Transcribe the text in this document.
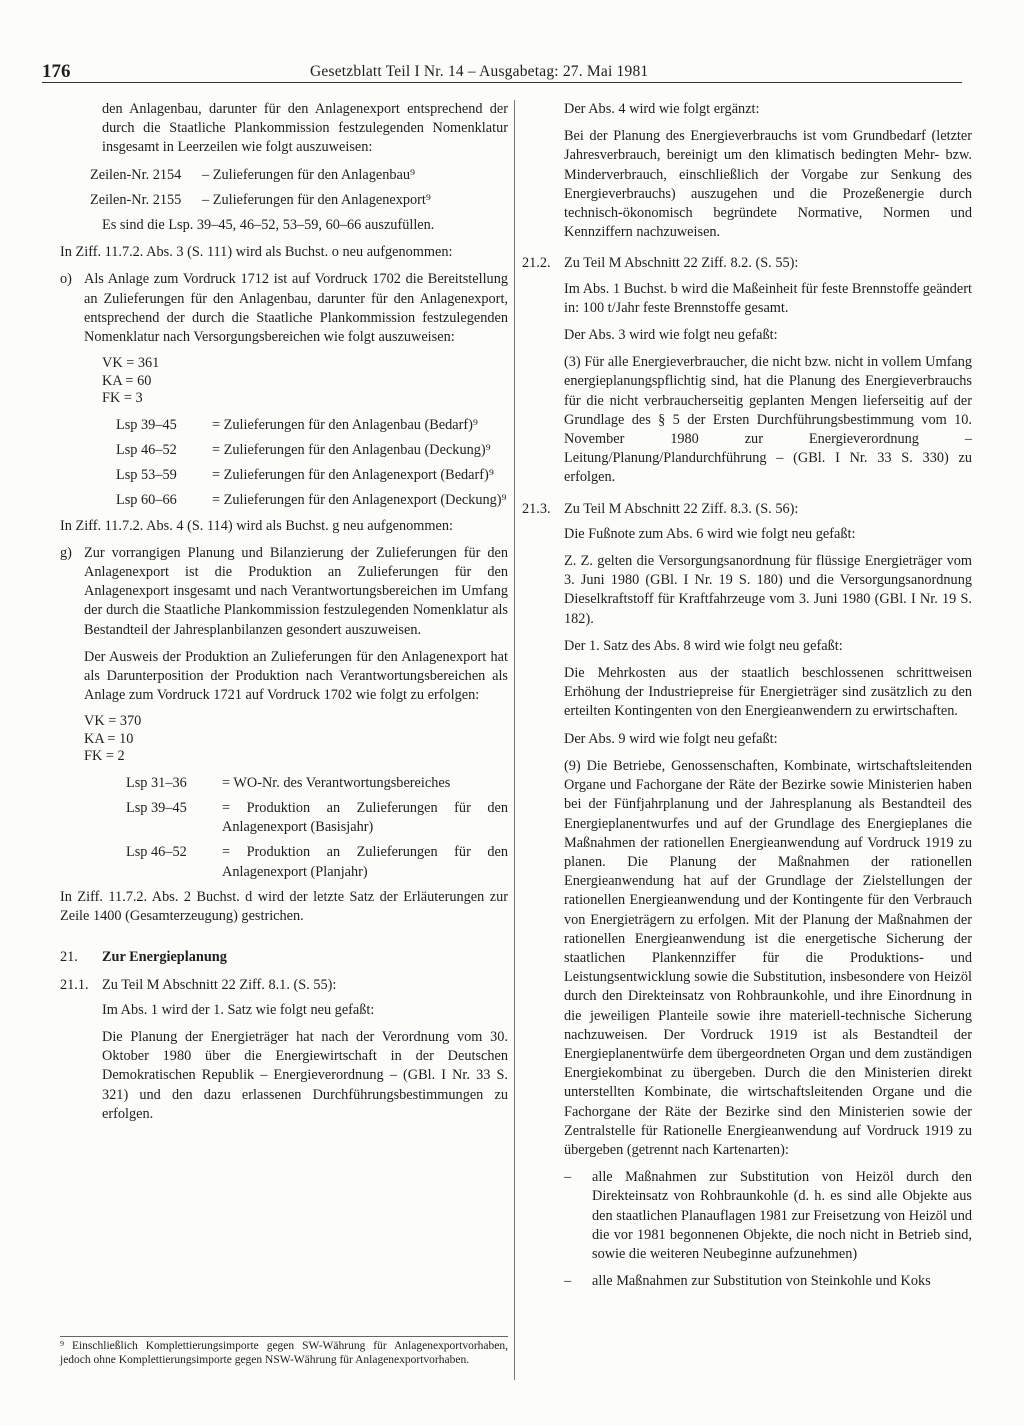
176	Gesetzblatt Teil I Nr. 14 – Ausgabetag: 27. Mai 1981

den Anlagenbau, darunter für den Anlagenexport entsprechend der durch die Staatliche Plankommission festzulegenden Nomenklatur insgesamt in Leerzeilen wie folgt auszuweisen:

Zeilen-Nr. 2154	– Zulieferungen für den Anlagenbau⁹
Zeilen-Nr. 2155	– Zulieferungen für den Anlagenexport⁹

Es sind die Lsp. 39–45, 46–52, 53–59, 60–66 auszufüllen.

In Ziff. 11.7.2. Abs. 3 (S. 111) wird als Buchst. o neu aufgenommen:

o) Als Anlage zum Vordruck 1712 ist auf Vordruck 1702 die Bereitstellung an Zulieferungen für den Anlagenbau, darunter für den Anlagenexport, entsprechend der durch die Staatliche Plankommission festzulegenden Nomenklatur nach Versorgungsbereichen wie folgt auszuweisen:
VK = 361
KA = 60
FK = 3
Lsp 39–45	= Zulieferungen für den Anlagenbau (Bedarf)⁹
Lsp 46–52	= Zulieferungen für den Anlagenbau (Deckung)⁹
Lsp 53–59	= Zulieferungen für den Anlagenexport (Bedarf)⁹
Lsp 60–66	= Zulieferungen für den Anlagenexport (Deckung)⁹

In Ziff. 11.7.2. Abs. 4 (S. 114) wird als Buchst. g neu aufgenommen:

g) Zur vorrangigen Planung und Bilanzierung der Zulieferungen für den Anlagenexport ist die Produktion an Zulieferungen für den Anlagenexport insgesamt und nach Verantwortungsbereichen im Umfang der durch die Staatliche Plankommission festzulegenden Nomenklatur als Bestandteil der Jahresplanbilanzen gesondert auszuweisen.

Der Ausweis der Produktion an Zulieferungen für den Anlagenexport hat als Darunterposition der Produktion nach Verantwortungsbereichen als Anlage zum Vordruck 1721 auf Vordruck 1702 wie folgt zu erfolgen:

VK = 370
KA = 10
FK = 2
Lsp 31–36	= WO-Nr. des Verantwortungsbereiches
Lsp 39–45	= Produktion an Zulieferungen für den Anlagenexport (Basisjahr)
Lsp 46–52	= Produktion an Zulieferungen für den Anlagenexport (Planjahr)

In Ziff. 11.7.2. Abs. 2 Buchst. d wird der letzte Satz der Erläuterungen zur Zeile 1400 (Gesamterzeugung) gestrichen.

21.	Zur Energieplanung
21.1. Zu Teil M Abschnitt 22 Ziff. 8.1. (S. 55):

Im Abs. 1 wird der 1. Satz wie folgt neu gefaßt:

Die Planung der Energieträger hat nach der Verordnung vom 30. Oktober 1980 über die Energiewirtschaft in der Deutschen Demokratischen Republik – Energieverordnung – (GBl. I Nr. 33 S. 321) und den dazu erlassenen Durchführungsbestimmungen zu erfolgen.

⁹ Einschließlich Komplettierungsimporte gegen SW-Währung für Anlagenexportvorhaben, jedoch ohne Komplettierungsimporte gegen NSW-Währung für Anlagenexportvorhaben.

Der Abs. 4 wird wie folgt ergänzt:

Bei der Planung des Energieverbrauchs ist vom Grundbedarf (letzter Jahresverbrauch, bereinigt um den klimatisch bedingten Mehr- bzw. Minderverbrauch, einschließlich der Vorgabe zur Senkung des Energieverbrauchs) auszugehen und die Prozeßenergie durch technisch-ökonomisch begründete Normative, Normen und Kennziffern nachzuweisen.

21.2. Zu Teil M Abschnitt 22 Ziff. 8.2. (S. 55):

Im Abs. 1 Buchst. b wird die Maßeinheit für feste Brennstoffe geändert in: 100 t/Jahr feste Brennstoffe gesamt.

Der Abs. 3 wird wie folgt neu gefaßt:

(3) Für alle Energieverbraucher, die nicht bzw. nicht in vollem Umfang energieplanungspflichtig sind, hat die Planung des Energieverbrauchs für die nicht verbraucherseitig geplanten Mengen lieferseitig auf der Grundlage des § 5 der Ersten Durchführungsbestimmung vom 10. November 1980 zur Energieverordnung – Leitung/Planung/Plandurchführung – (GBl. I Nr. 33 S. 330) zu erfolgen.

21.3. Zu Teil M Abschnitt 22 Ziff. 8.3. (S. 56):

Die Fußnote zum Abs. 6 wird wie folgt neu gefaßt:

Z. Z. gelten die Versorgungsanordnung für flüssige Energieträger vom 3. Juni 1980 (GBl. I Nr. 19 S. 180) und die Versorgungsanordnung Dieselkraftstoff für Kraftfahrzeuge vom 3. Juni 1980 (GBl. I Nr. 19 S. 182).

Der 1. Satz des Abs. 8 wird wie folgt neu gefaßt:

Die Mehrkosten aus der staatlich beschlossenen schrittweisen Erhöhung der Industriepreise für Energieträger sind zusätzlich zu den erteilten Kontingenten von den Energieanwendern zu erwirtschaften.

Der Abs. 9 wird wie folgt neu gefaßt:

(9) Die Betriebe, Genossenschaften, Kombinate, wirtschaftsleitenden Organe und Fachorgane der Räte der Bezirke sowie Ministerien haben bei der Fünfjahrplanung und der Jahresplanung als Bestandteil des Energieplanentwurfes und auf der Grundlage des Energieplanes die Maßnahmen der rationellen Energieanwendung auf Vordruck 1919 zu planen. Die Planung der Maßnahmen der rationellen Energieanwendung hat auf der Grundlage der Zielstellungen der rationellen Energieanwendung und der Kontingente für den Verbrauch von Energieträgern zu erfolgen. Mit der Planung der Maßnahmen der rationellen Energieanwendung ist die energetische Sicherung der staatlichen Plankennziffer für die Produktions- und Leistungsentwicklung sowie die Substitution, insbesondere von Heizöl durch den Direkteinsatz von Rohbraunkohle, und ihre Einordnung in die jeweiligen Planteile sowie ihre materiell-technische Sicherung nachzuweisen. Der Vordruck 1919 ist als Bestandteil der Energieplanentwürfe dem übergeordneten Organ und dem zuständigen Energiekombinat zu übergeben. Durch die den Ministerien direkt unterstellten Kombinate, die wirtschaftsleitenden Organe und die Fachorgane der Räte der Bezirke sind den Ministerien sowie der Zentralstelle für Rationelle Energieanwendung auf Vordruck 1919 zu übergeben (getrennt nach Kartenarten):

–	alle Maßnahmen zur Substitution von Heizöl durch den Direkteinsatz von Rohbraunkohle (d. h. es sind alle Objekte aus den staatlichen Planauflagen 1981 zur Freisetzung von Heizöl und die vor 1981 begonnenen Objekte, die noch nicht in Betrieb sind, sowie die weiteren Neubeginne aufzunehmen)
–	alle Maßnahmen zur Substitution von Steinkohle und Koks
